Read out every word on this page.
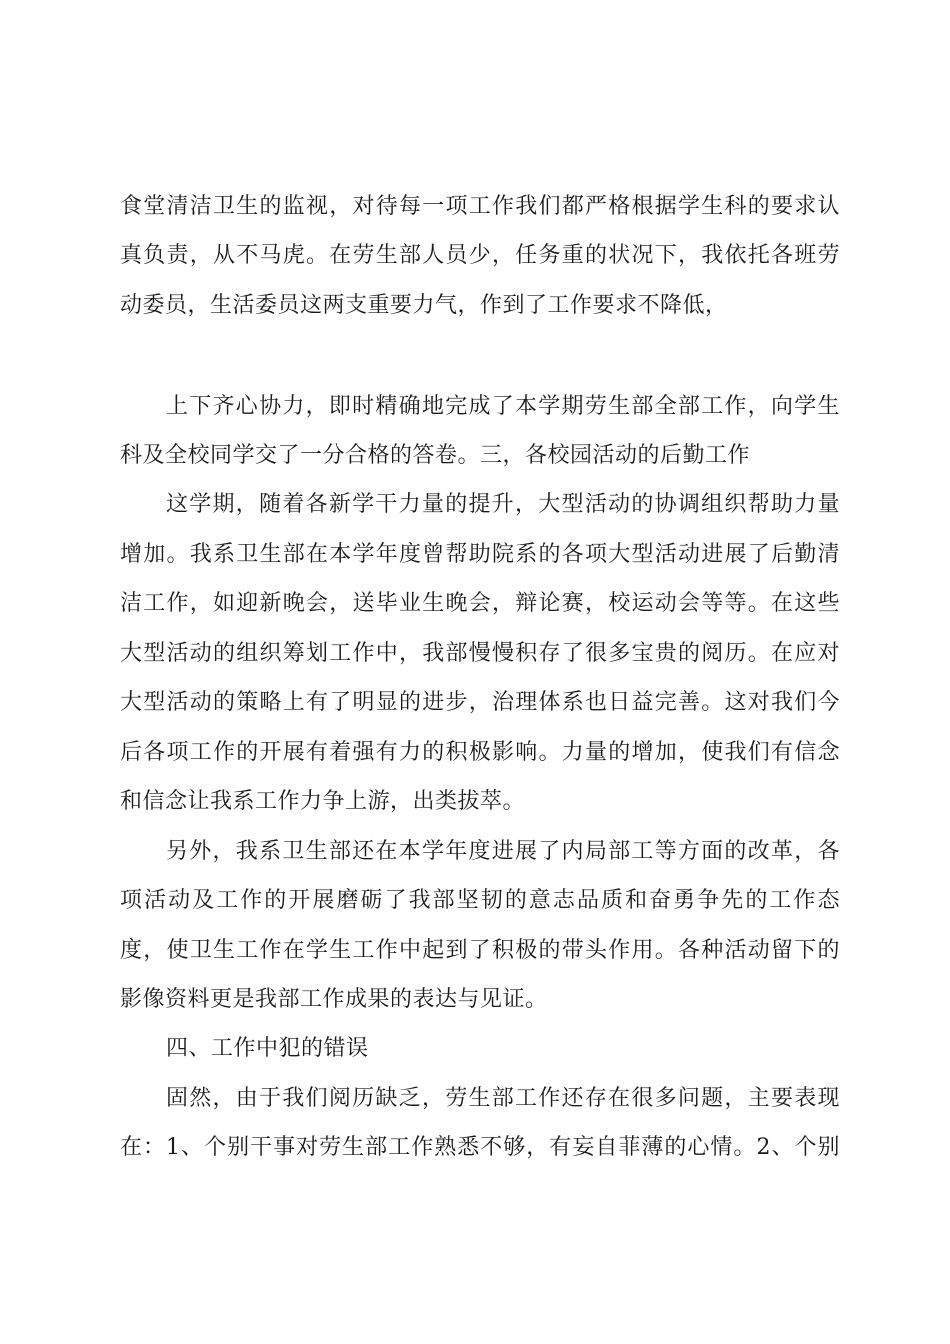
食堂清洁卫生的监视，对待每一项工作我们都严格根据学生科的要求认

真负责，从不马虎。在劳生部人员少，任务重的状况下，我依托各班劳

动委员，生活委员这两支重要力气，作到了工作要求不降低，

上下齐心协力，即时精确地完成了本学期劳生部全部工作，向学生

科及全校同学交了一分合格的答卷。三，各校园活动的后勤工作

这学期，随着各新学干力量的提升，大型活动的协调组织帮助力量

增加。我系卫生部在本学年度曾帮助院系的各项大型活动进展了后勤清

洁工作，如迎新晚会，送毕业生晚会，辩论赛，校运动会等等。在这些

大型活动的组织筹划工作中，我部慢慢积存了很多宝贵的阅历。在应对

大型活动的策略上有了明显的进步，治理体系也日益完善。这对我们今

后各项工作的开展有着强有力的积极影响。力量的增加，使我们有信念

和信念让我系工作力争上游，出类拔萃。

另外，我系卫生部还在本学年度进展了内局部工等方面的改革，各

项活动及工作的开展磨砺了我部坚韧的意志品质和奋勇争先的工作态

度，使卫生工作在学生工作中起到了积极的带头作用。各种活动留下的

影像资料更是我部工作成果的表达与见证。

四、工作中犯的错误

固然，由于我们阅历缺乏，劳生部工作还存在很多问题，主要表现

在：1、个别干事对劳生部工作熟悉不够，有妄自菲薄的心情。2、个别
